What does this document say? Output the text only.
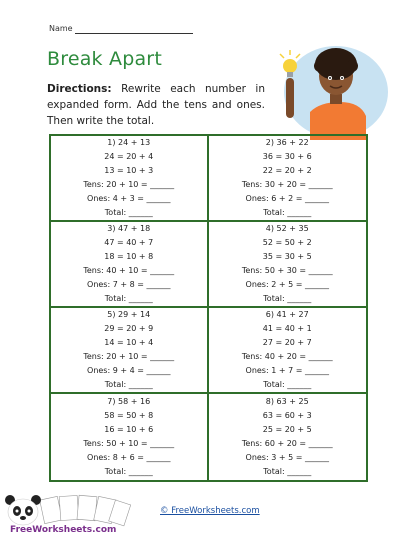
Name
Break Apart
Directions: Rewrite each number in expanded form. Add the tens and ones. Then write the total.
1) 24 + 13
24 = 20 + 4
13 = 10 + 3
Tens: 20 + 10 = ______
Ones: 4 + 3 = ______
Total: ______
2) 36 + 22
36 = 30 + 6
22 = 20 + 2
Tens: 30 + 20 = ______
Ones: 6 + 2 = ______
Total: ______
3) 47 + 18
47 = 40 + 7
18 = 10 + 8
Tens: 40 + 10 = ______
Ones: 7 + 8 = ______
Total: ______
4) 52 + 35
52 = 50 + 2
35 = 30 + 5
Tens: 50 + 30 = ______
Ones: 2 + 5 = ______
Total: ______
5) 29 + 14
29 = 20 + 9
14 = 10 + 4
Tens: 20 + 10 = ______
Ones: 9 + 4 = ______
Total: ______
6) 41 + 27
41 = 40 + 1
27 = 20 + 7
Tens: 40 + 20 = ______
Ones: 1 + 7 = ______
Total: ______
7) 58 + 16
58 = 50 + 8
16 = 10 + 6
Tens: 50 + 10 = ______
Ones: 8 + 6 = ______
Total: ______
8) 63 + 25
63 = 60 + 3
25 = 20 + 5
Tens: 60 + 20 = ______
Ones: 3 + 5 = ______
Total: ______
FreeWorksheets.com
© FreeWorksheets.com
